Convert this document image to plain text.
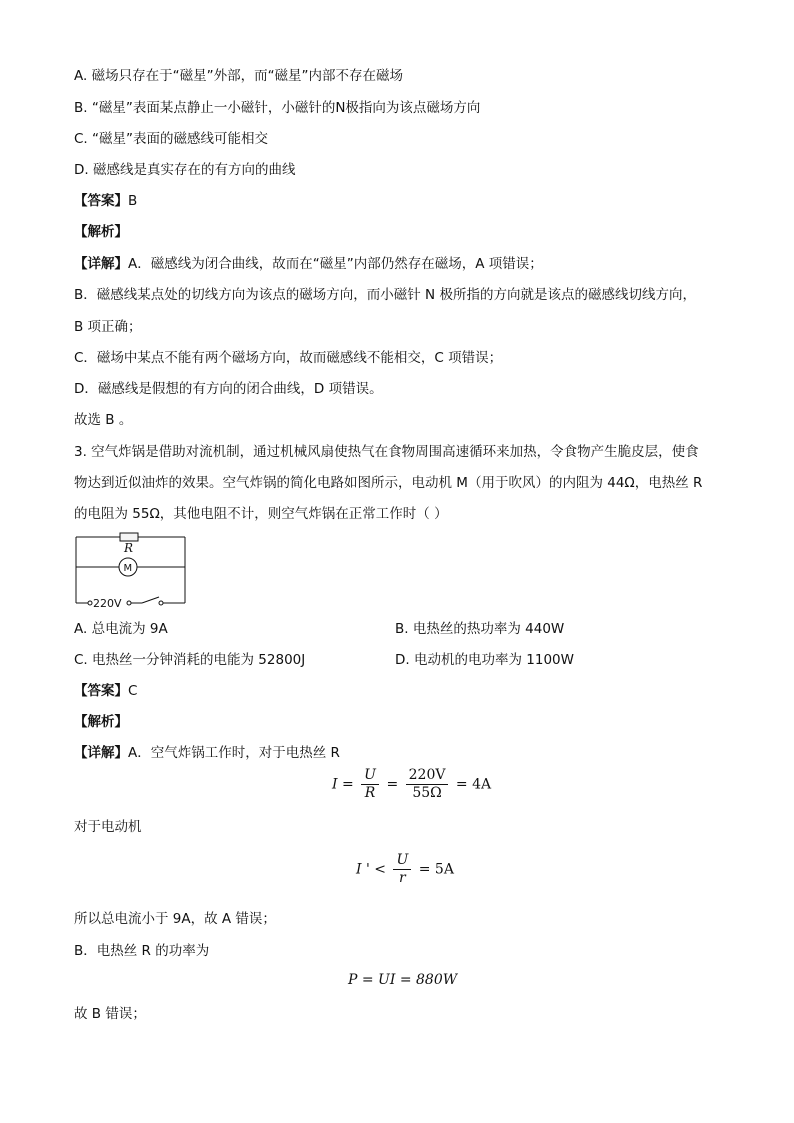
A. 磁场只存在于“磁星”外部，而“磁星”内部不存在磁场
B. “磁星”表面某点静止一小磁针，小磁针的N极指向为该点磁场方向
C. “磁星”表面的磁感线可能相交
D. 磁感线是真实存在的有方向的曲线
【答案】B
【解析】
【详解】A．磁感线为闭合曲线，故而在“磁星”内部仍然存在磁场，A 项错误；
B．磁感线某点处的切线方向为该点的磁场方向，而小磁针 N 极所指的方向就是该点的磁感线切线方向，
B 项正确；
C．磁场中某点不能有两个磁场方向，故而磁感线不能相交，C 项错误；
D．磁感线是假想的有方向的闭合曲线，D 项错误。
故选 B 。
3. 空气炸锅是借助对流机制，通过机械风扇使热气在食物周围高速循环来加热，令食物产生脆皮层，使食
物达到近似油炸的效果。空气炸锅的简化电路如图所示，电动机 M（用于吹风）的内阻为 44Ω，电热丝 R
的电阻为 55Ω，其他电阻不计，则空气炸锅在正常工作时（ ）
R
M
220V
A. 总电流为 9A	B. 电热丝的热功率为 440W
C. 电热丝一分钟消耗的电能为 52800J	D. 电动机的电功率为 1100W
【答案】C
【解析】
【详解】A．空气炸锅工作时，对于电热丝 R
$I = \frac{U}{R} = \frac{220V}{55\Omega} = 4A$
对于电动机
I ' < $\frac{U}{r} = 5A$
所以总电流小于 9A，故 A 错误；
B．电热丝 R 的功率为
P = UI = 880W
故 B 错误；
